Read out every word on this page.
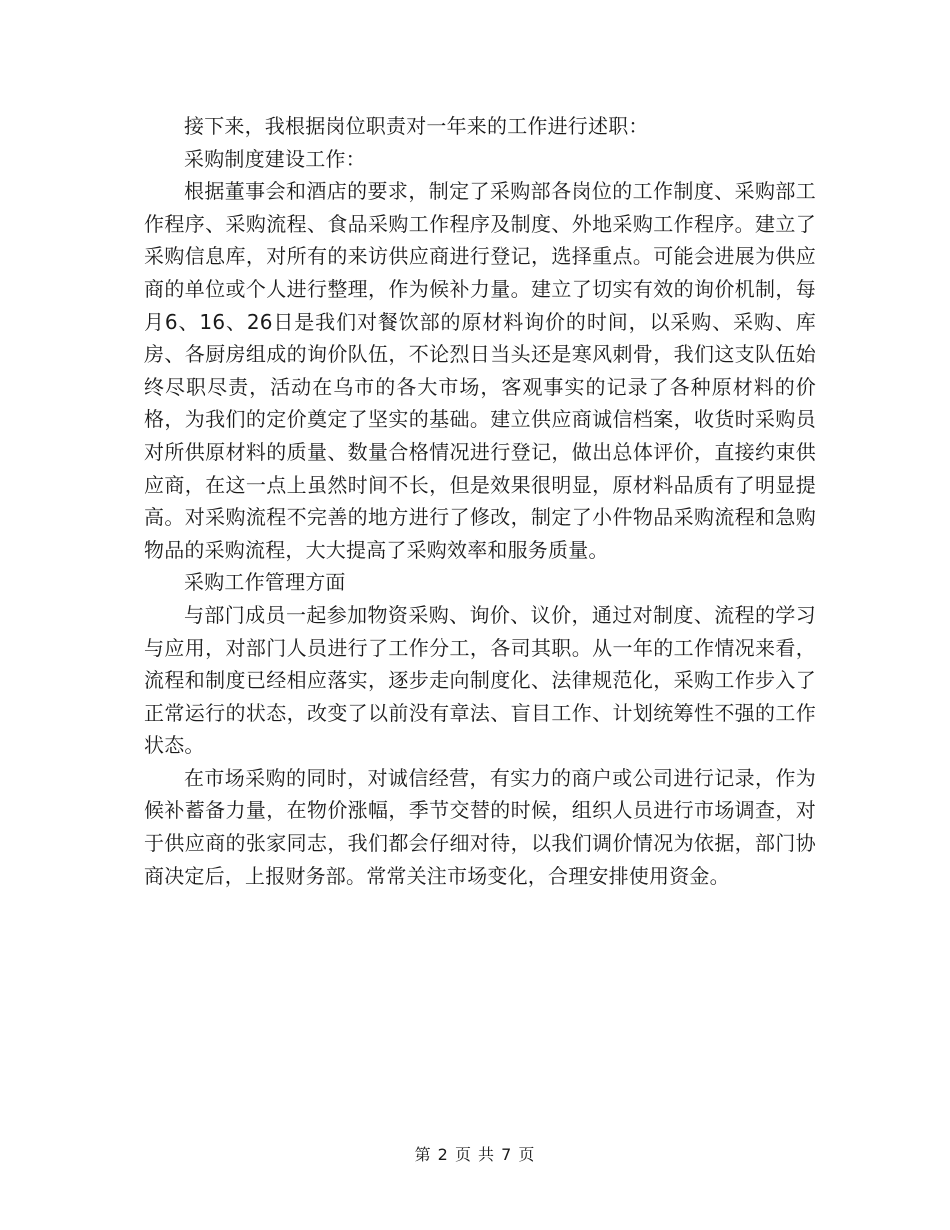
接下来，我根据岗位职责对一年来的工作进行述职：

采购制度建设工作：

根据董事会和酒店的要求，制定了采购部各岗位的工作制度、采购部工作程序、采购流程、食品采购工作程序及制度、外地采购工作程序。建立了采购信息库，对所有的来访供应商进行登记，选择重点。可能会进展为供应商的单位或个人进行整理，作为候补力量。建立了切实有效的询价机制，每月6、16、26日是我们对餐饮部的原材料询价的时间，以采购、采购、库房、各厨房组成的询价队伍，不论烈日当头还是寒风刺骨，我们这支队伍始终尽职尽责，活动在乌市的各大市场，客观事实的记录了各种原材料的价格，为我们的定价奠定了坚实的基础。建立供应商诚信档案，收货时采购员对所供原材料的质量、数量合格情况进行登记，做出总体评价，直接约束供应商，在这一点上虽然时间不长，但是效果很明显，原材料品质有了明显提高。对采购流程不完善的地方进行了修改，制定了小件物品采购流程和急购物品的采购流程，大大提高了采购效率和服务质量。

采购工作管理方面

与部门成员一起参加物资采购、询价、议价，通过对制度、流程的学习与应用，对部门人员进行了工作分工，各司其职。从一年的工作情况来看，流程和制度已经相应落实，逐步走向制度化、法律规范化，采购工作步入了正常运行的状态，改变了以前没有章法、盲目工作、计划统筹性不强的工作状态。

在市场采购的同时，对诚信经营，有实力的商户或公司进行记录，作为候补蓄备力量，在物价涨幅，季节交替的时候，组织人员进行市场调查，对于供应商的张家同志，我们都会仔细对待，以我们调价情况为依据，部门协商决定后，上报财务部。常常关注市场变化，合理安排使用资金。

第 2 页 共 7 页
